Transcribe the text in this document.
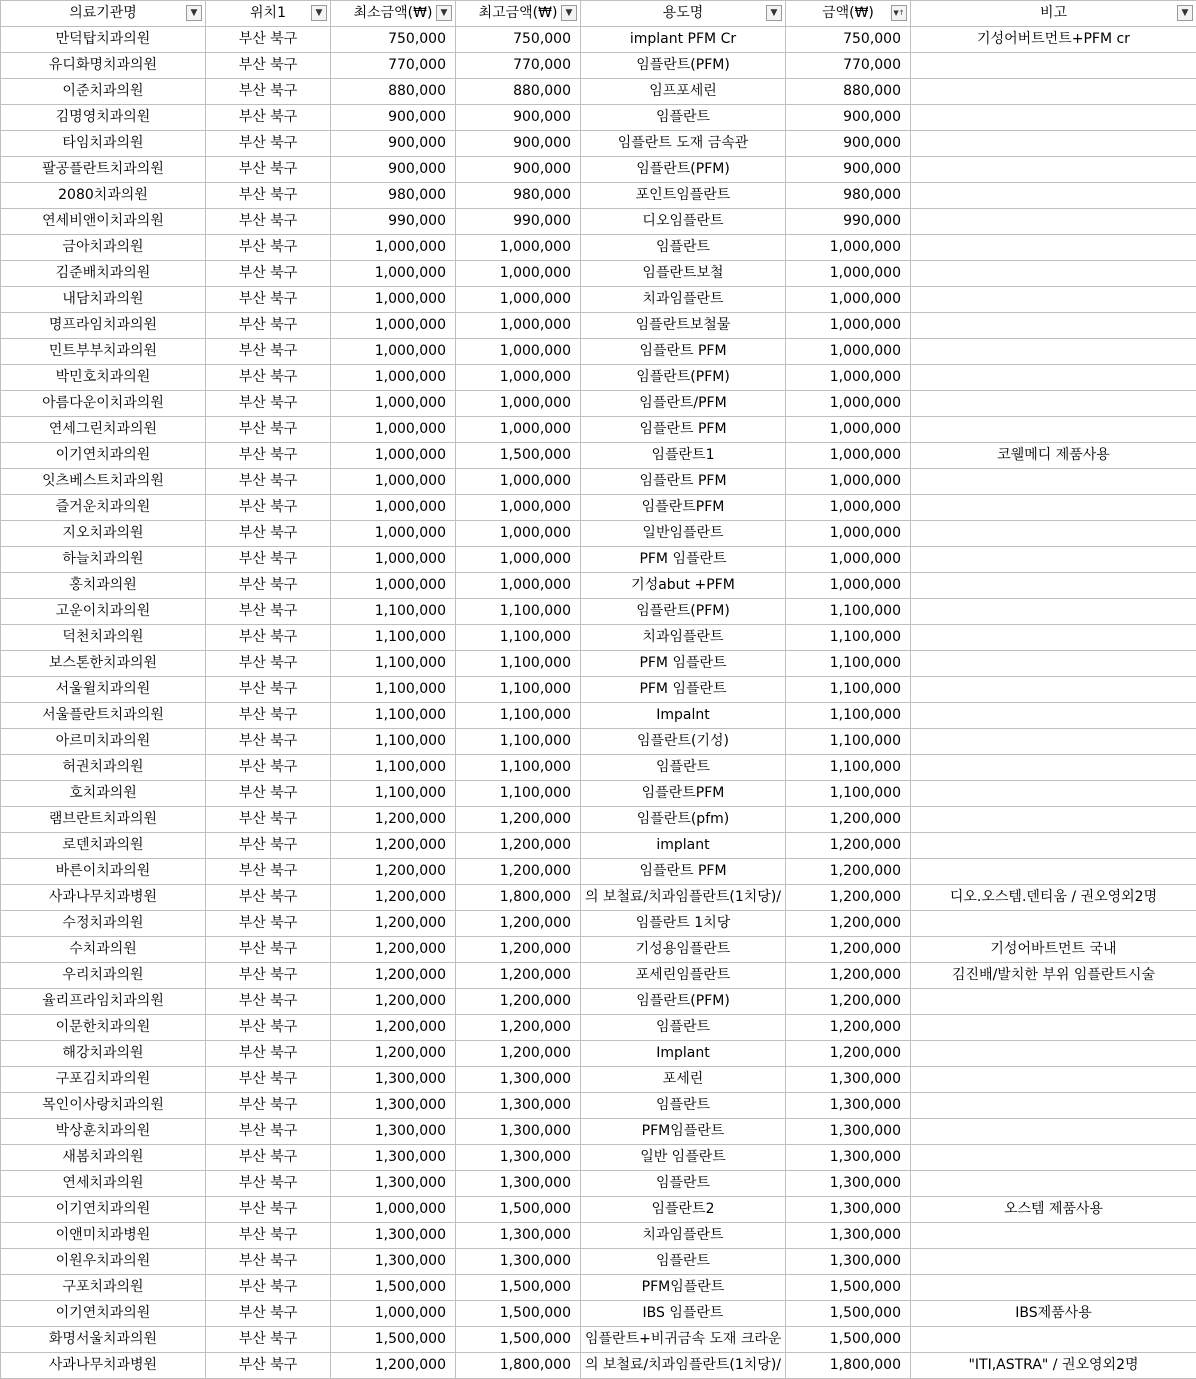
의료기관명 ▼	위치1 ▼	최소금액(₩) ▼	최고금액(₩) ▼	용도명 ▼	금액(₩) ▼↑	비고 ▼

만덕탑치과의원	부산 북구	750,000	750,000	implant PFM Cr	750,000	기성어버트먼트+PFM cr
유디화명치과의원	부산 북구	770,000	770,000	임플란트(PFM)	770,000	
이준치과의원	부산 북구	880,000	880,000	임프포세린	880,000	
김명영치과의원	부산 북구	900,000	900,000	임플란트	900,000	
타임치과의원	부산 북구	900,000	900,000	임플란트 도재 금속관	900,000	
팔공플란트치과의원	부산 북구	900,000	900,000	임플란트(PFM)	900,000	
2080치과의원	부산 북구	980,000	980,000	포인트임플란트	980,000	
연세비앤이치과의원	부산 북구	990,000	990,000	디오임플란트	990,000	
금아치과의원	부산 북구	1,000,000	1,000,000	임플란트	1,000,000	
김준배치과의원	부산 북구	1,000,000	1,000,000	임플란트보철	1,000,000	
내담치과의원	부산 북구	1,000,000	1,000,000	치과임플란트	1,000,000	
명프라임치과의원	부산 북구	1,000,000	1,000,000	임플란트보철물	1,000,000	
민트부부치과의원	부산 북구	1,000,000	1,000,000	임플란트 PFM	1,000,000	
박민호치과의원	부산 북구	1,000,000	1,000,000	임플란트(PFM)	1,000,000	
아름다운이치과의원	부산 북구	1,000,000	1,000,000	임플란트/PFM	1,000,000	
연세그린치과의원	부산 북구	1,000,000	1,000,000	임플란트 PFM	1,000,000	
이기연치과의원	부산 북구	1,000,000	1,500,000	임플란트1	1,000,000	코웰메디 제품사용
잇츠베스트치과의원	부산 북구	1,000,000	1,000,000	임플란트 PFM	1,000,000	
즐거운치과의원	부산 북구	1,000,000	1,000,000	임플란트PFM	1,000,000	
지오치과의원	부산 북구	1,000,000	1,000,000	일반임플란트	1,000,000	
하늘치과의원	부산 북구	1,000,000	1,000,000	PFM 임플란트	1,000,000	
홍치과의원	부산 북구	1,000,000	1,000,000	기성abut +PFM	1,000,000	
고운이치과의원	부산 북구	1,100,000	1,100,000	임플란트(PFM)	1,100,000	
덕천치과의원	부산 북구	1,100,000	1,100,000	치과임플란트	1,100,000	
보스톤한치과의원	부산 북구	1,100,000	1,100,000	PFM 임플란트	1,100,000	
서울윌치과의원	부산 북구	1,100,000	1,100,000	PFM 임플란트	1,100,000	
서울플란트치과의원	부산 북구	1,100,000	1,100,000	Impalnt	1,100,000	
아르미치과의원	부산 북구	1,100,000	1,100,000	임플란트(기성)	1,100,000	
허권치과의원	부산 북구	1,100,000	1,100,000	임플란트	1,100,000	
호치과의원	부산 북구	1,100,000	1,100,000	임플란트PFM	1,100,000	
램브란트치과의원	부산 북구	1,200,000	1,200,000	임플란트(pfm)	1,200,000	
로덴치과의원	부산 북구	1,200,000	1,200,000	implant	1,200,000	
바른이치과의원	부산 북구	1,200,000	1,200,000	임플란트 PFM	1,200,000	
사과나무치과병원	부산 북구	1,200,000	1,800,000	의 보철료/치과임플란트(1치당)/	1,200,000	디오.오스템.덴티움 / 권오영외2명
수정치과의원	부산 북구	1,200,000	1,200,000	임플란트 1치당	1,200,000	
수치과의원	부산 북구	1,200,000	1,200,000	기성용임플란트	1,200,000	기성어바트먼트 국내
우리치과의원	부산 북구	1,200,000	1,200,000	포세린임플란트	1,200,000	김진배/발치한 부위 임플란트시술
율리프라임치과의원	부산 북구	1,200,000	1,200,000	임플란트(PFM)	1,200,000	
이문한치과의원	부산 북구	1,200,000	1,200,000	임플란트	1,200,000	
해강치과의원	부산 북구	1,200,000	1,200,000	Implant	1,200,000	
구포김치과의원	부산 북구	1,300,000	1,300,000	포세린	1,300,000	
목인이사랑치과의원	부산 북구	1,300,000	1,300,000	임플란트	1,300,000	
박상훈치과의원	부산 북구	1,300,000	1,300,000	PFM임플란트	1,300,000	
새봄치과의원	부산 북구	1,300,000	1,300,000	일반 임플란트	1,300,000	
연세치과의원	부산 북구	1,300,000	1,300,000	임플란트	1,300,000	
이기연치과의원	부산 북구	1,000,000	1,500,000	임플란트2	1,300,000	오스템 제품사용
이앤미치과병원	부산 북구	1,300,000	1,300,000	치과임플란트	1,300,000	
이원우치과의원	부산 북구	1,300,000	1,300,000	임플란트	1,300,000	
구포치과의원	부산 북구	1,500,000	1,500,000	PFM임플란트	1,500,000	
이기연치과의원	부산 북구	1,000,000	1,500,000	IBS 임플란트	1,500,000	IBS제품사용
화명서울치과의원	부산 북구	1,500,000	1,500,000	임플란트+비귀금속 도재 크라운	1,500,000	
사과나무치과병원	부산 북구	1,200,000	1,800,000	의 보철료/치과임플란트(1치당)/	1,800,000	"ITI,ASTRA" / 권오영외2명
